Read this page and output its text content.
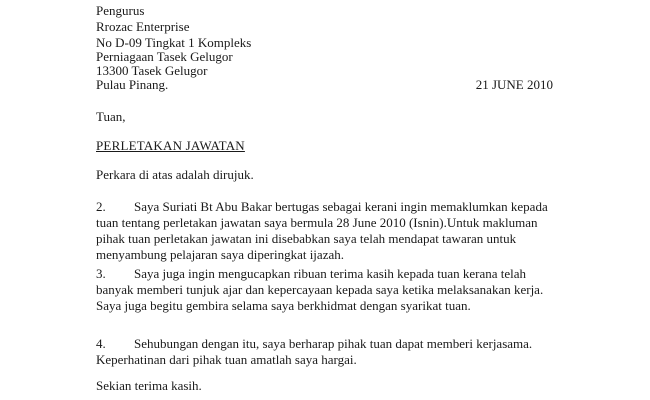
Pengurus
Rrozac Enterprise
No D-09 Tingkat 1 Kompleks
Perniagaan Tasek Gelugor
13300 Tasek Gelugor
Pulau Pinang.	21 JUNE 2010
Tuan,
PERLETAKAN JAWATAN
Perkara di atas adalah dirujuk.
2. Saya Suriati Bt Abu Bakar bertugas sebagai kerani ingin memaklumkan kepada
tuan tentang perletakan jawatan saya bermula 28 June 2010 (Isnin).Untuk makluman
pihak tuan perletakan jawatan ini disebabkan saya telah mendapat tawaran untuk
menyambung pelajaran saya diperingkat ijazah.
3. Saya juga ingin mengucapkan ribuan terima kasih kepada tuan kerana telah
banyak memberi tunjuk ajar dan kepercayaan kepada saya ketika melaksanakan kerja.
Saya juga begitu gembira selama saya berkhidmat dengan syarikat tuan.
4. Sehubungan dengan itu, saya berharap pihak tuan dapat memberi kerjasama.
Keperhatinan dari pihak tuan amatlah saya hargai.
Sekian terima kasih.
